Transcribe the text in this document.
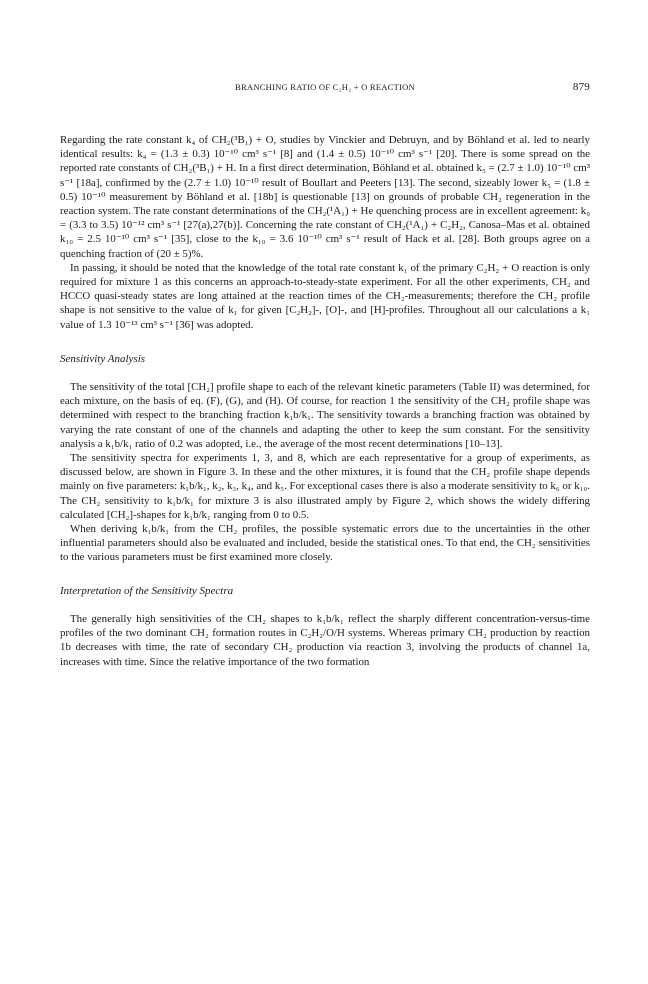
BRANCHING RATIO OF C₂H₂ + O REACTION	879

Regarding the rate constant k₄ of CH₂(³B₁) + O, studies by Vinckier and Debruyn, and by Böhland et al. led to nearly identical results: k₄ = (1.3 ± 0.3) 10⁻¹⁰ cm³ s⁻¹ [8] and (1.4 ± 0.5) 10⁻¹⁰ cm³ s⁻¹ [20]. There is some spread on the reported rate constants of CH₂(³B₁) + H. In a first direct determination, Böhland et al. obtained k₅ = (2.7 ± 1.0) 10⁻¹⁰ cm³ s⁻¹ [18a], confirmed by the (2.7 ± 1.0) 10⁻¹⁰ result of Boullart and Peeters [13]. The second, sizeably lower k₅ = (1.8 ± 0.5) 10⁻¹⁰ measurement by Böhland et al. [18b] is questionable [13] on grounds of probable CH₂ regeneration in the reaction system. The rate constant determinations of the CH₂(¹A₁) + He quenching process are in excellent agreement: k₉ = (3.3 to 3.5) 10⁻¹² cm³ s⁻¹ [27(a),27(b)]. Concerning the rate constant of CH₂(¹A₁) + C₂H₂, Canosa–Mas et al. obtained k₁₀ = 2.5 10⁻¹⁰ cm³ s⁻¹ [35], close to the k₁₀ = 3.6 10⁻¹⁰ cm³ s⁻¹ result of Hack et al. [28]. Both groups agree on a quenching fraction of (20 ± 5)%.

In passing, it should be noted that the knowledge of the total rate constant k₁ of the primary C₂H₂ + O reaction is only required for mixture 1 as this concerns an approach-to-steady-state experiment. For all the other experiments, CH₂ and HCCO quasi-steady states are long attained at the reaction times of the CH₂-measurements; therefore the CH₂ profile shape is not sensitive to the value of k₁ for given [C₂H₂]-, [O]-, and [H]-profiles. Throughout all our calculations a k₁ value of 1.3 10⁻¹³ cm³ s⁻¹ [36] was adopted.

Sensitivity Analysis

The sensitivity of the total [CH₂] profile shape to each of the relevant kinetic parameters (Table II) was determined, for each mixture, on the basis of eq. (F), (G), and (H). Of course, for reaction 1 the sensitivity of the CH₂ profile shape was determined with respect to the branching fraction k₁b/k₁. The sensitivity towards a branching fraction was obtained by varying the rate constant of one of the channels and adapting the other to keep the sum constant. For the sensitivity analysis a k₁b/k₁ ratio of 0.2 was adopted, i.e., the average of the most recent determinations [10–13].

The sensitivity spectra for experiments 1, 3, and 8, which are each representative for a group of experiments, as discussed below, are shown in Figure 3. In these and the other mixtures, it is found that the CH₂ profile shape depends mainly on five parameters: k₁b/k₁, k₂, k₃, k₄, and k₅. For exceptional cases there is also a moderate sensitivity to k₆ or k₁₀. The CH₂ sensitivity to k₁b/k₁ for mixture 3 is also illustrated amply by Figure 2, which shows the widely differing calculated [CH₂]-shapes for k₁b/k₁ ranging from 0 to 0.5.

When deriving k₁b/k₁ from the CH₂ profiles, the possible systematic errors due to the uncertainties in the other influential parameters should also be evaluated and included, beside the statistical ones. To that end, the CH₂ sensitivities to the various parameters must be first examined more closely.

Interpretation of the Sensitivity Spectra

The generally high sensitivities of the CH₂ shapes to k₁b/k₁ reflect the sharply different concentration-versus-time profiles of the two dominant CH₂ formation routes in C₂H₂/O/H systems. Whereas primary CH₂ production by reaction 1b decreases with time, the rate of secondary CH₂ production via reaction 3, involving the products of channel 1a, increases with time. Since the relative importance of the two formation
